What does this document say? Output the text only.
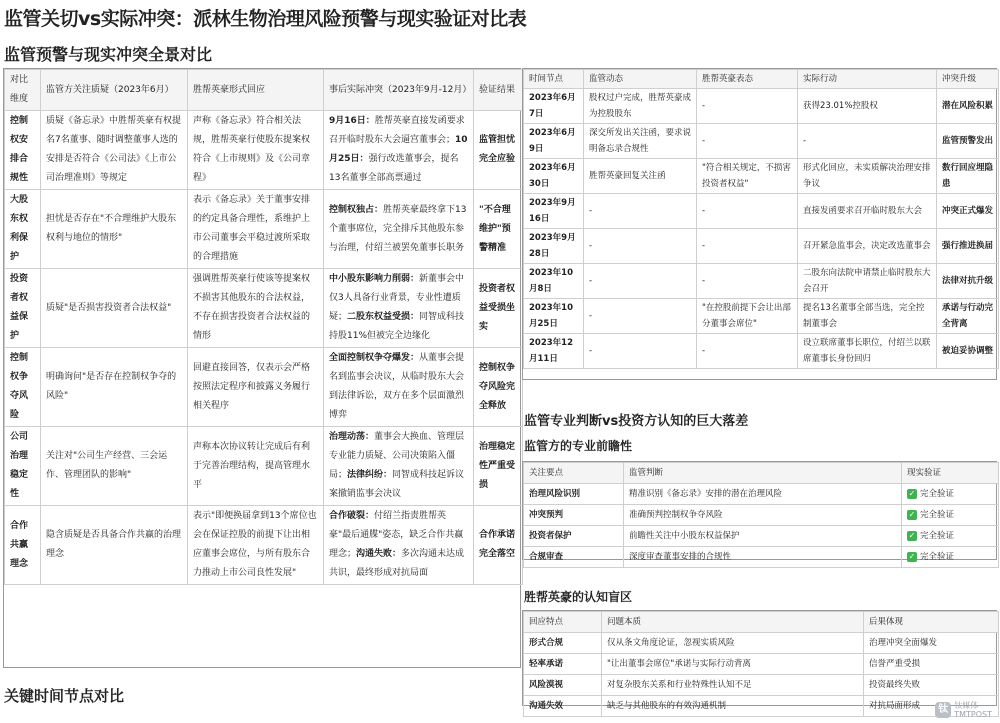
监管关切vs实际冲突：派林生物治理风险预警与现实验证对比表
监管预警与现实冲突全景对比
对比维度	监管方关注质疑（2023年6月）	胜帮英豪形式回应	事后实际冲突（2023年9月-12月）	验证结果
控制权安排合规性	质疑《备忘录》中胜帮英豪有权提名7名董事、随时调整董事人选的安排是否符合《公司法》《上市公司治理准则》等规定	声称《备忘录》符合相关法规，胜帮英豪行使股东提案权符合《上市规则》及《公司章程》	9月16日：胜帮英豪直接发函要求召开临时股东大会逼宫董事会；10月25日：强行改选董事会，提名13名董事全部高票通过	监管担忧完全应验
大股东权利保护	担忧是否存在"不合理维护大股东权利与地位的情形"	表示《备忘录》关于董事安排的约定具备合理性，系维护上市公司董事会平稳过渡所采取的合理措施	控制权独占：胜帮英豪最终拿下13个董事席位，完全排斥其他股东参与治理，付绍兰被罢免董事长职务	"不合理维护"预警精准
投资者权益保护	质疑"是否损害投资者合法权益"	强调胜帮英豪行使该等提案权不损害其他股东的合法权益，不存在损害投资者合法权益的情形	中小股东影响力削弱：新董事会中仅3人具备行业背景，专业性遭质疑；二股东权益受损：同智成科技持股11%但被完全边缘化	投资者权益受损坐实
控制权争夺风险	明确询问"是否存在控制权争夺的风险"	回避直接回答，仅表示会严格按照法定程序和披露义务履行相关程序	全面控制权争夺爆发：从董事会提名到监事会决议，从临时股东大会到法律诉讼，双方在多个层面激烈博弈	控制权争夺风险完全释放
公司治理稳定性	关注对"公司生产经营、三会运作、管理团队的影响"	声称本次协议转让完成后有利于完善治理结构，提高管理水平	治理动荡：董事会大换血、管理层专业能力质疑、公司决策陷入僵局；法律纠纷：同智成科技起诉议案撤销监事会决议	治理稳定性严重受损
合作共赢理念	隐含质疑是否具备合作共赢的治理理念	表示"即便换届拿到13个席位也会在保证控股的前提下让出相应董事会席位，与所有股东合力推动上市公司良性发展"	合作破裂：付绍兰指责胜帮英豪"最后通牒"姿态，缺乏合作共赢理念；沟通失败：多次沟通未达成共识，最终形成对抗局面	合作承诺完全落空
关键时间节点对比
时间节点	监管动态	胜帮英豪表态	实际行动	冲突升级
2023年6月7日	股权过户完成，胜帮英豪成为控股股东	-	获得23.01%控股权	潜在风险积累
2023年6月9日	深交所发出关注函，要求说明备忘录合规性	-	-	监管预警发出
2023年6月30日	胜帮英豪回复关注函	"符合相关规定，不损害投资者权益"	形式化回应，未实质解决治理安排争议	数行回应埋隐患
2023年9月16日	-	-	直接发函要求召开临时股东大会	冲突正式爆发
2023年9月28日	-	-	召开紧急监事会，决定改选董事会	强行推进换届
2023年10月8日	-	-	二股东向法院申请禁止临时股东大会召开	法律对抗升级
2023年10月25日	-	"在控股前提下会让出部分董事会席位"	提名13名董事全部当选，完全控制董事会	承诺与行动完全背离
2023年12月11日	-	-	设立联席董事长职位，付绍兰以联席董事长身份回归	被迫妥协调整
监管专业判断vs投资方认知的巨大落差
监管方的专业前瞻性
关注要点	监管判断	现实验证
治理风险识别	精准识别《备忘录》安排的潜在治理风险	✓ 完全验证
冲突预判	准确预判控制权争夺风险	✓ 完全验证
投资者保护	前瞻性关注中小股东权益保护	✓ 完全验证
合规审查	深度审查董事安排的合规性	✓ 完全验证
胜帮英豪的认知盲区
回应特点	问题本质	后果体现
形式合规	仅从条文角度论证，忽视实质风险	治理冲突全面爆发
轻率承诺	"让出董事会席位"承诺与实际行动背离	信誉严重受损
风险漠视	对复杂股东关系和行业特殊性认知不足	投资最终失败
沟通失效	缺乏与其他股东的有效沟通机制	对抗局面形成	钛 钛媒体
TMTPOST
